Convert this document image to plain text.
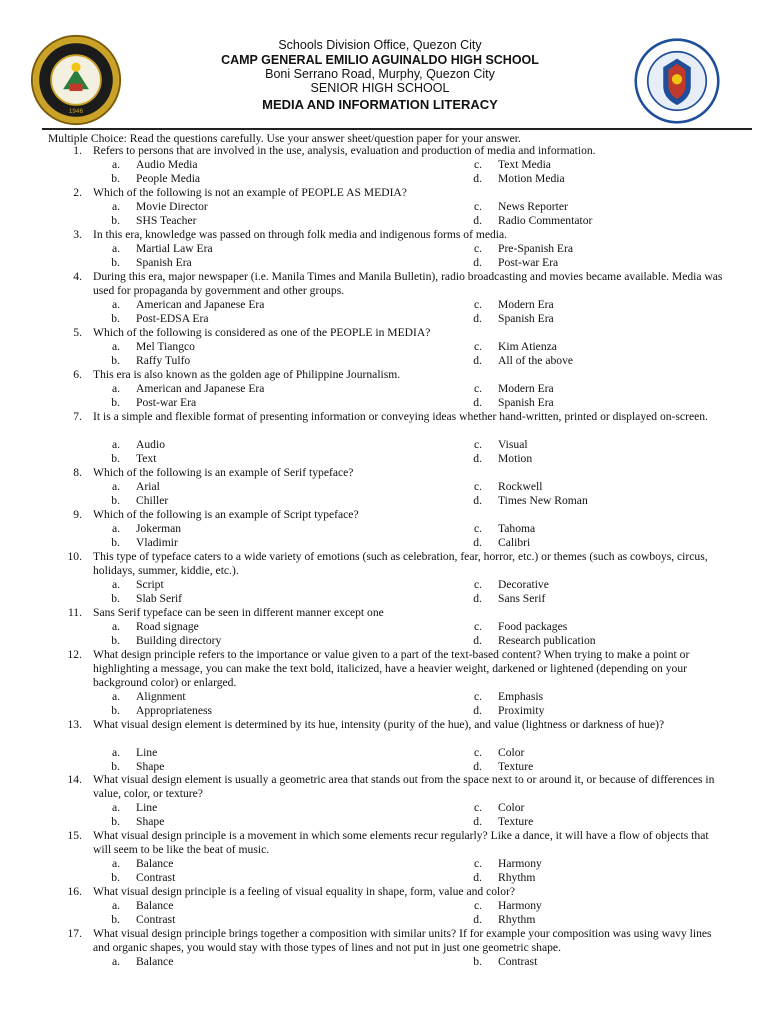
1946
Schools Division Office, Quezon City
CAMP GENERAL EMILIO AGUINALDO HIGH SCHOOL
Boni Serrano Road, Murphy, Quezon City
SENIOR HIGH SCHOOL
MEDIA AND INFORMATION LITERACY
Multiple Choice: Read the questions carefully. Use your answer sheet/question paper for your answer.
1. Refers to persons that are involved in the use, analysis, evaluation and production of media and information.
a. Audio Media	c. Text Media
b. People Media	d. Motion Media
2. Which of the following is not an example of PEOPLE AS MEDIA?
a. Movie Director	c. News Reporter
b. SHS Teacher	d. Radio Commentator
3. In this era, knowledge was passed on through folk media and indigenous forms of media.
a. Martial Law Era	c. Pre-Spanish Era
b. Spanish Era	d. Post-war Era
4. During this era, major newspaper (i.e. Manila Times and Manila Bulletin), radio broadcasting and movies became available. Media was used for propaganda by government and other groups.
a. American and Japanese Era	c. Modern Era
b. Post-EDSA Era	d. Spanish Era
5. Which of the following is considered as one of the PEOPLE in MEDIA?
a. Mel Tiangco	c. Kim Atienza
b. Raffy Tulfo	d. All of the above
6. This era is also known as the golden age of Philippine Journalism.
a. American and Japanese Era	c. Modern Era
b. Post-war Era	d. Spanish Era
7. It is a simple and flexible format of presenting information or conveying ideas whether hand-written, printed or displayed on-screen.
a. Audio	c. Visual
b. Text	d. Motion
8. Which of the following is an example of Serif typeface?
a. Arial	c. Rockwell
b. Chiller	d. Times New Roman
9. Which of the following is an example of Script typeface?
a. Jokerman	c. Tahoma
b. Vladimir	d. Calibri
10. This type of typeface caters to a wide variety of emotions (such as celebration, fear, horror, etc.) or themes (such as cowboys, circus, holidays, summer, kiddie, etc.).
a. Script	c. Decorative
b. Slab Serif	d. Sans Serif
11. Sans Serif typeface can be seen in different manner except one
a. Road signage	c. Food packages
b. Building directory	d. Research publication
12. What design principle refers to the importance or value given to a part of the text-based content? When trying to make a point or highlighting a message, you can make the text bold, italicized, have a heavier weight, darkened or lightened (depending on your background color) or enlarged.
a. Alignment	c. Emphasis
b. Appropriateness	d. Proximity
13. What visual design element is determined by its hue, intensity (purity of the hue), and value (lightness or darkness of hue)?
a. Line	c. Color
b. Shape	d. Texture
14. What visual design element is usually a geometric area that stands out from the space next to or around it, or because of differences in value, color, or texture?
a. Line	c. Color
b. Shape	d. Texture
15. What visual design principle is a movement in which some elements recur regularly? Like a dance, it will have a flow of objects that will seem to be like the beat of music.
a. Balance	c. Harmony
b. Contrast	d. Rhythm
16. What visual design principle is a feeling of visual equality in shape, form, value and color?
a. Balance	c. Harmony
b. Contrast	d. Rhythm
17. What visual design principle brings together a composition with similar units? If for example your composition was using wavy lines and organic shapes, you would stay with those types of lines and not put in just one geometric shape.
a. Balance	b. Contrast
